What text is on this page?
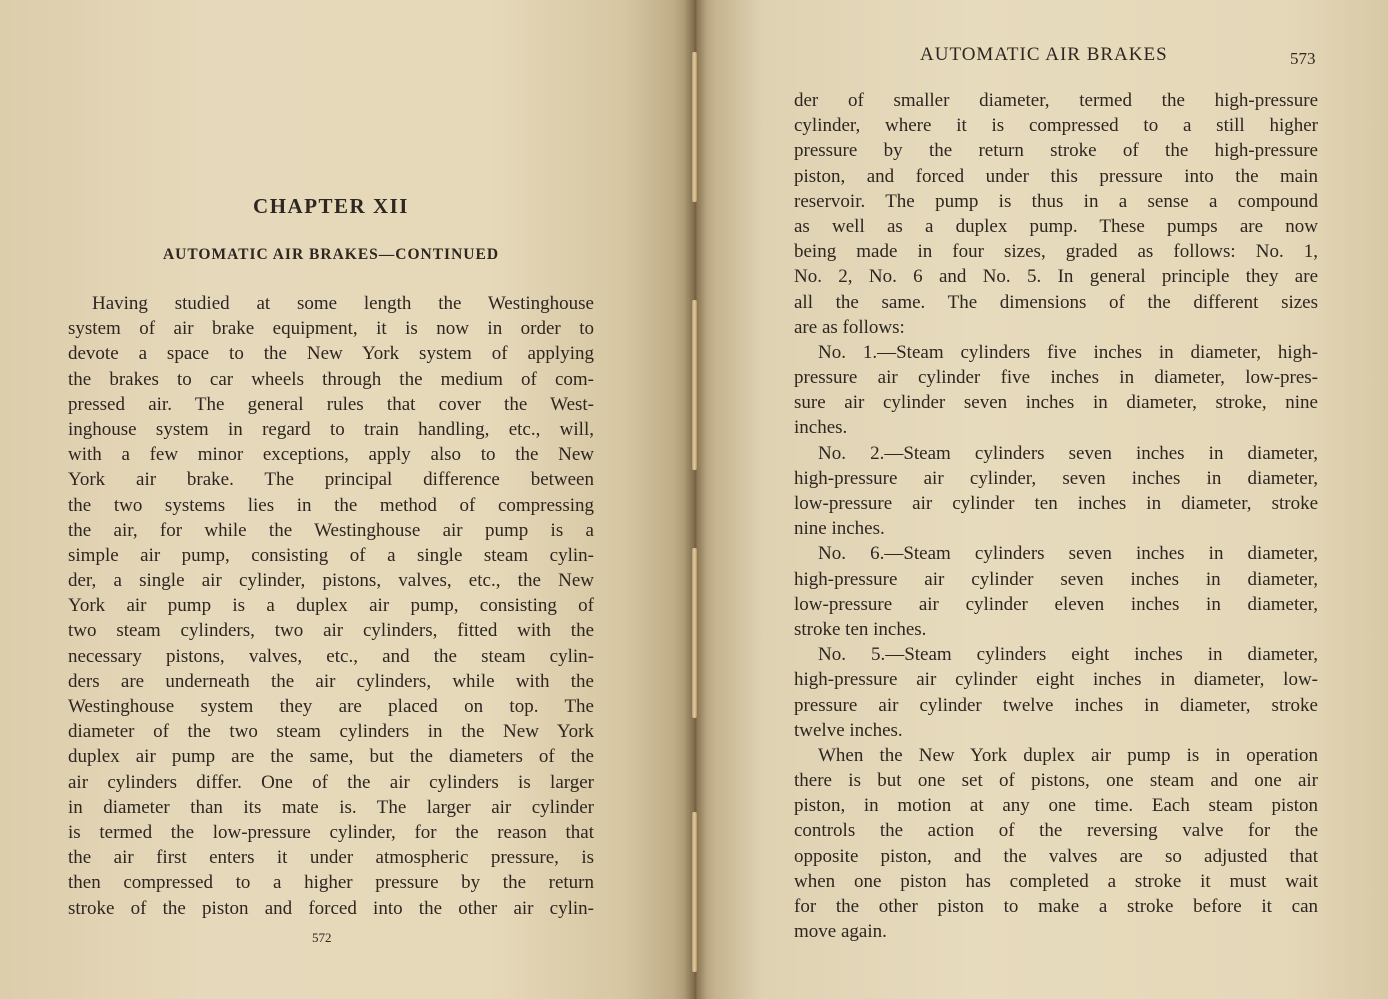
CHAPTER XII
AUTOMATIC AIR BRAKES—CONTINUED
Having studied at some length the Westinghouse
system of air brake equipment, it is now in order to
devote a space to the New York system of applying
the brakes to car wheels through the medium of com-
pressed air. The general rules that cover the West-
inghouse system in regard to train handling, etc., will,
with a few minor exceptions, apply also to the New
York air brake. The principal difference between
the two systems lies in the method of compressing
the air, for while the Westinghouse air pump is a
simple air pump, consisting of a single steam cylin-
der, a single air cylinder, pistons, valves, etc., the New
York air pump is a duplex air pump, consisting of
two steam cylinders, two air cylinders, fitted with the
necessary pistons, valves, etc., and the steam cylin-
ders are underneath the air cylinders, while with the
Westinghouse system they are placed on top. The
diameter of the two steam cylinders in the New York
duplex air pump are the same, but the diameters of the
air cylinders differ. One of the air cylinders is larger
in diameter than its mate is. The larger air cylinder
is termed the low-pressure cylinder, for the reason that
the air first enters it under atmospheric pressure, is
then compressed to a higher pressure by the return
stroke of the piston and forced into the other air cylin-
572
AUTOMATIC AIR BRAKES	573
der of smaller diameter, termed the high-pressure
cylinder, where it is compressed to a still higher
pressure by the return stroke of the high-pressure
piston, and forced under this pressure into the main
reservoir. The pump is thus in a sense a compound
as well as a duplex pump. These pumps are now
being made in four sizes, graded as follows: No. 1,
No. 2, No. 6 and No. 5. In general principle they are
all the same. The dimensions of the different sizes
are as follows:
No. 1.—Steam cylinders five inches in diameter, high-
pressure air cylinder five inches in diameter, low-pres-
sure air cylinder seven inches in diameter, stroke, nine
inches.
No. 2.—Steam cylinders seven inches in diameter,
high-pressure air cylinder, seven inches in diameter,
low-pressure air cylinder ten inches in diameter, stroke
nine inches.
No. 6.—Steam cylinders seven inches in diameter,
high-pressure air cylinder seven inches in diameter,
low-pressure air cylinder eleven inches in diameter,
stroke ten inches.
No. 5.—Steam cylinders eight inches in diameter,
high-pressure air cylinder eight inches in diameter, low-
pressure air cylinder twelve inches in diameter, stroke
twelve inches.
When the New York duplex air pump is in operation
there is but one set of pistons, one steam and one air
piston, in motion at any one time. Each steam piston
controls the action of the reversing valve for the
opposite piston, and the valves are so adjusted that
when one piston has completed a stroke it must wait
for the other piston to make a stroke before it can
move again.
